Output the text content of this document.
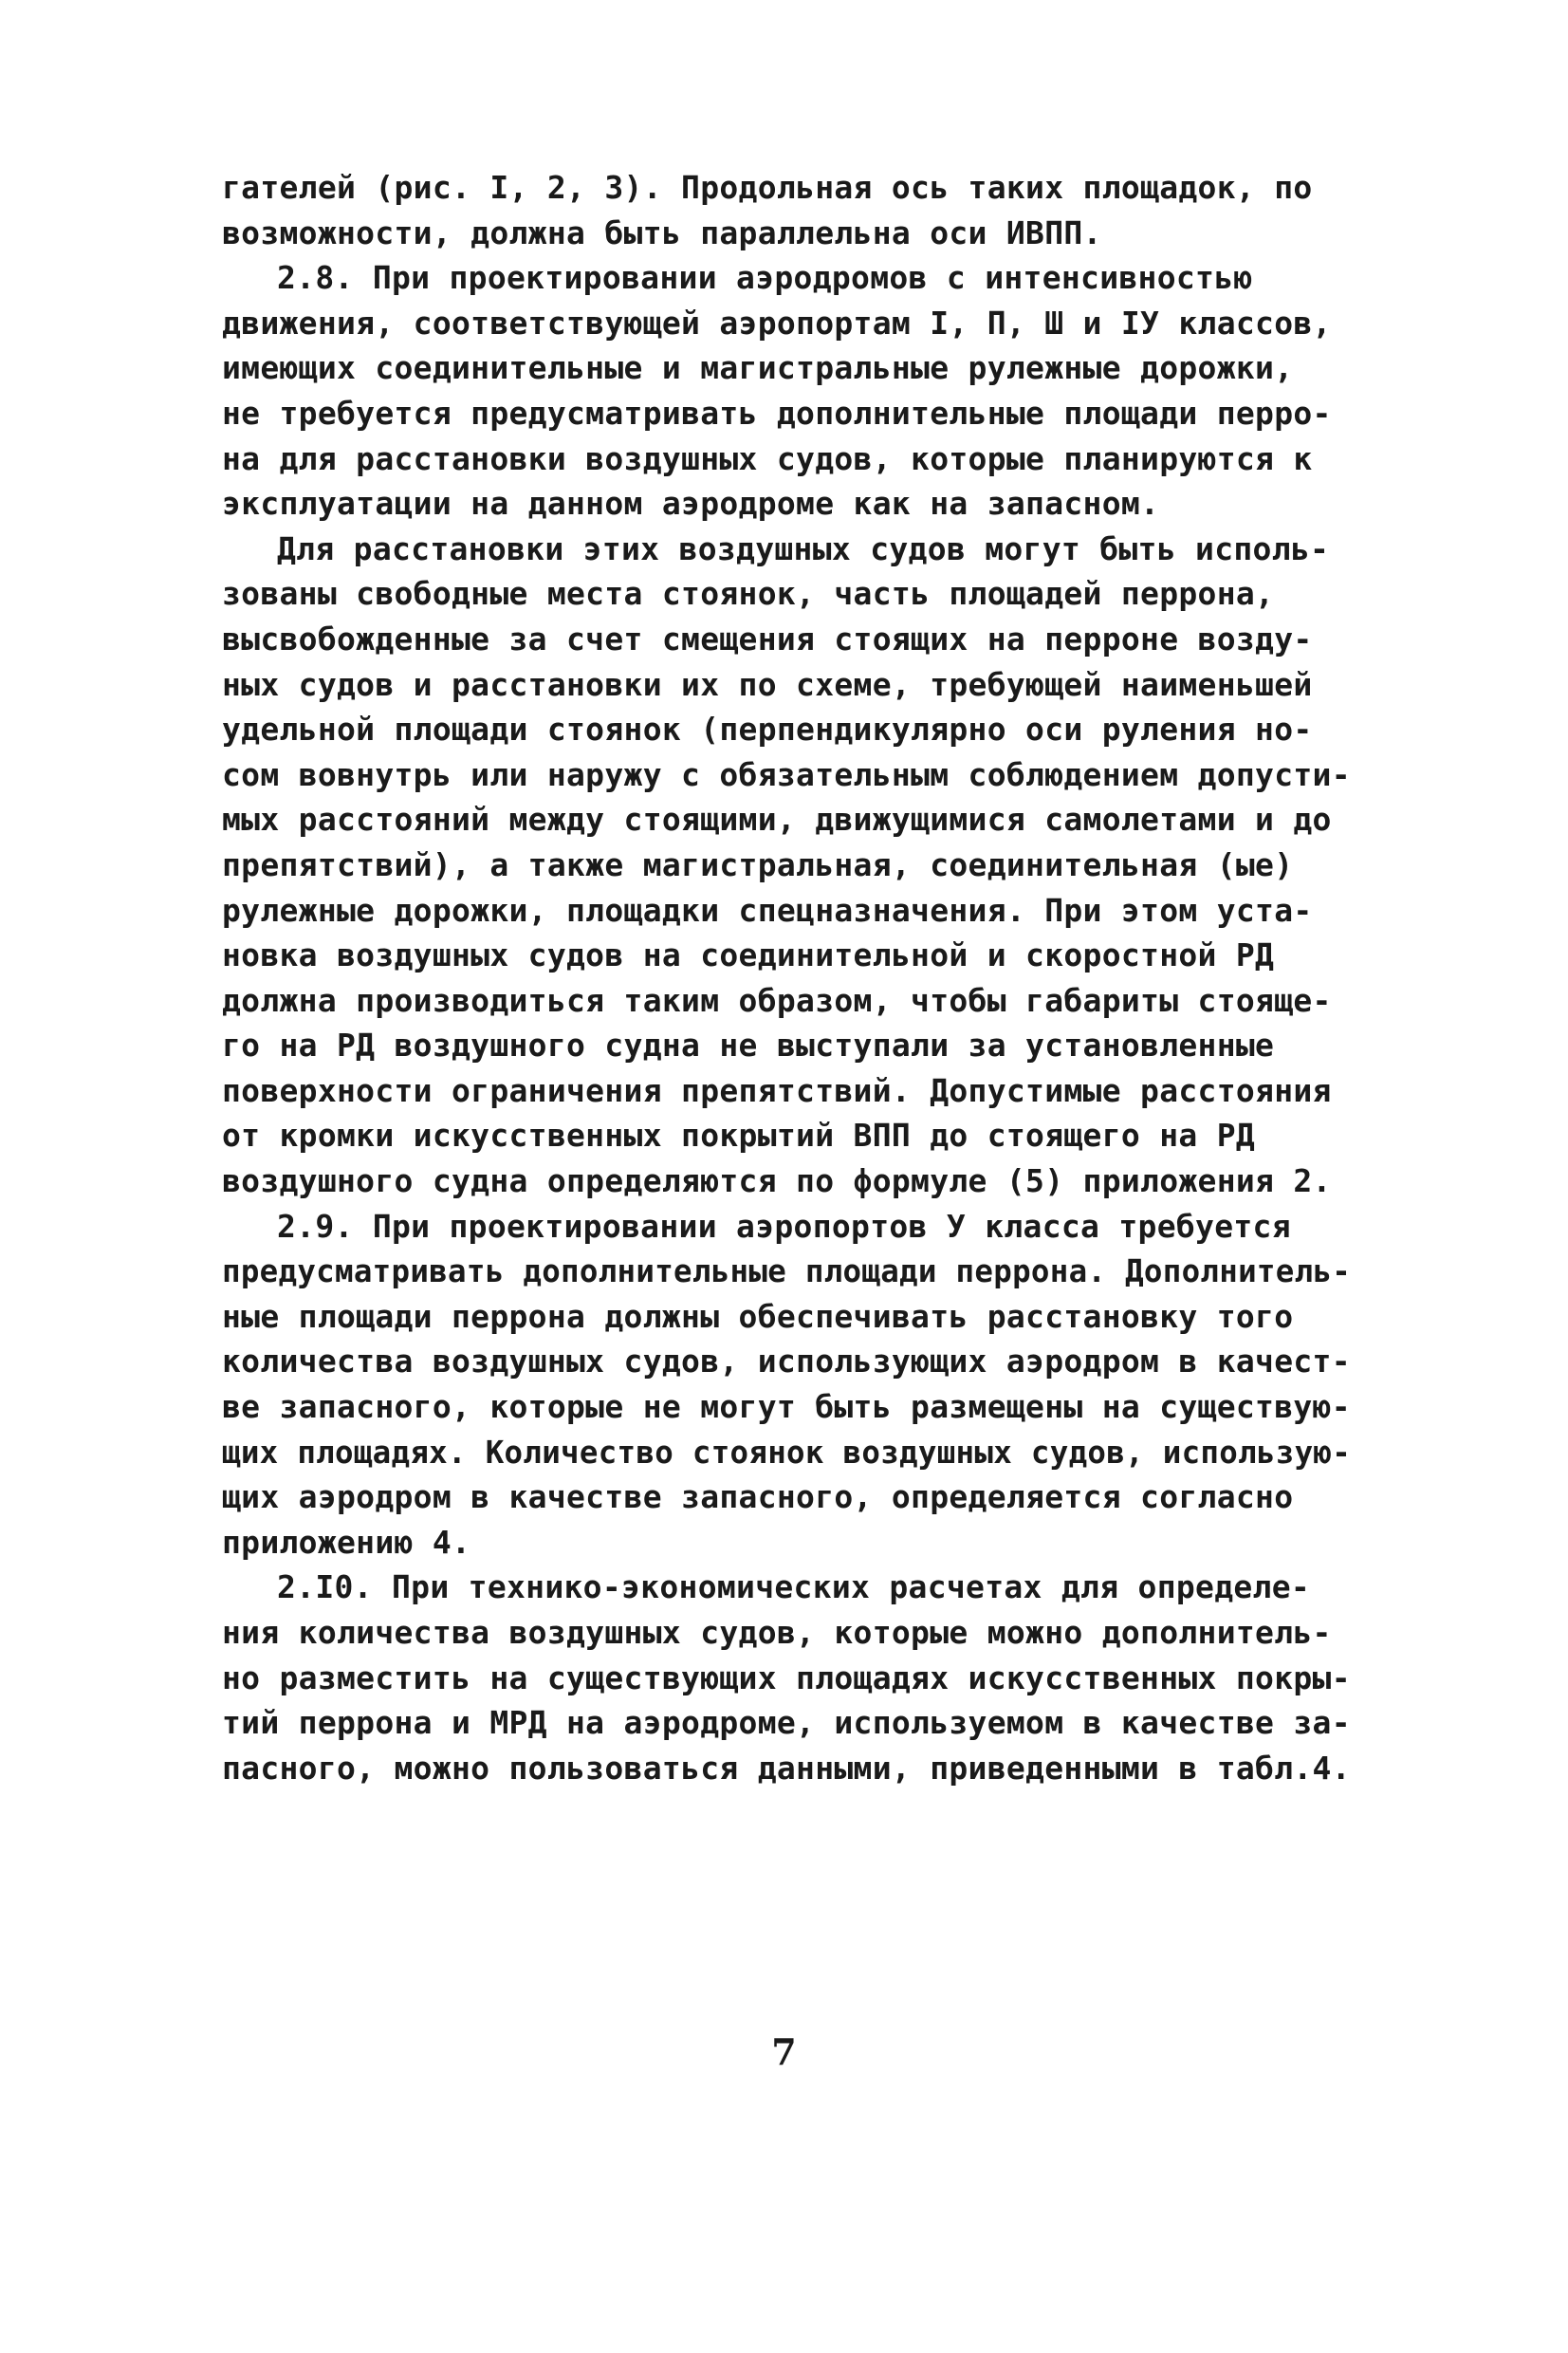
гателей (рис. I, 2, 3). Продольная ось таких площадок, по
возможности, должна быть параллельна оси ИВПП.
2.8. При проектировании аэродромов с интенсивностью
движения, соответствующей аэропортам I, П, Ш и IУ классов,
имеющих соединительные и магистральные рулежные дорожки,
не требуется предусматривать дополнительные площади перро-
на для расстановки воздушных судов, которые планируются к
эксплуатации на данном аэродроме как на запасном.
Для расстановки этих воздушных судов могут быть исполь-
зованы свободные места стоянок, часть площадей перрона,
высвобожденные за счет смещения стоящих на перроне возду-
ных судов и расстановки их по схеме, требующей наименьшей
удельной площади стоянок (перпендикулярно оси руления но-
сом вовнутрь или наружу с обязательным соблюдением допусти-
мых расстояний между стоящими, движущимися самолетами и до
препятствий), а также магистральная, соединительная (ые)
рулежные дорожки, площадки спецназначения. При этом уста-
новка воздушных судов на соединительной и скоростной РД
должна производиться таким образом, чтобы габариты стояще-
го на РД воздушного судна не выступали за установленные
поверхности ограничения препятствий. Допустимые расстояния
от кромки искусственных покрытий ВПП до стоящего на РД
воздушного судна определяются по формуле (5) приложения 2.
2.9. При проектировании аэропортов У класса требуется
предусматривать дополнительные площади перрона. Дополнитель-
ные площади перрона должны обеспечивать расстановку того
количества воздушных судов, использующих аэродром в качест-
ве запасного, которые не могут быть размещены на существую-
щих площадях. Количество стоянок воздушных судов, использую-
щих аэродром в качестве запасного, определяется согласно
приложению 4.
2.I0. При технико-экономических расчетах для определе-
ния количества воздушных судов, которые можно дополнитель-
но разместить на существующих площадях искусственных покры-
тий перрона и МРД на аэродроме, используемом в качестве за-
пасного, можно пользоваться данными, приведенными в табл.4.
7
